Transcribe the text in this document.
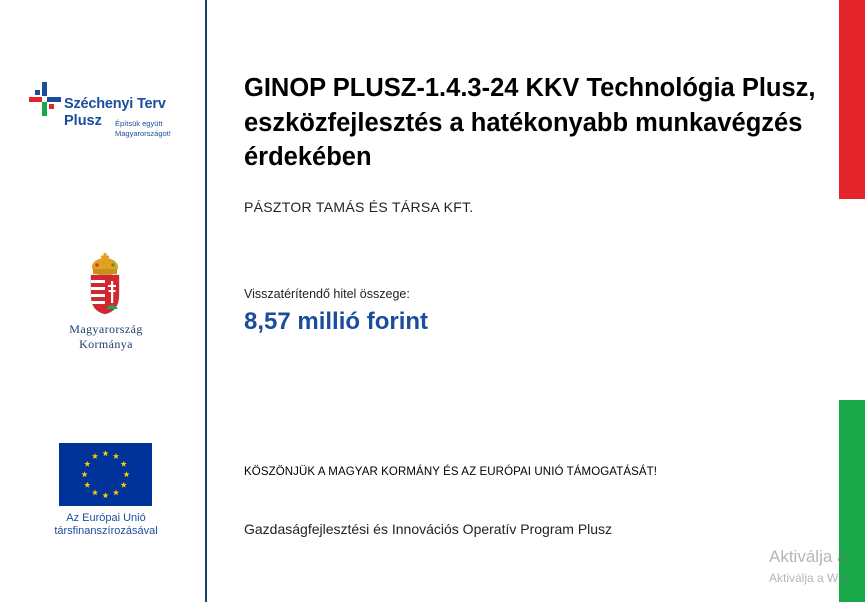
Széchenyi Terv
Plusz Építsük együtt
Magyarországot!
Magyarország
Kormánya
Az Európai Unió
társfinanszírozásával
GINOP PLUSZ-1.4.3-24 KKV Technológia Plusz, eszközfejlesztés a hatékonyabb munkavégzés érdekében
PÁSZTOR TAMÁS ÉS TÁRSA KFT.
Visszatérítendő hitel összege:
8,57 millió forint
KÖSZÖNJÜK A MAGYAR KORMÁNY ÉS AZ EURÓPAI UNIÓ TÁMOGATÁSÁT!
Gazdaságfejlesztési és Innovációs Operatív Program Plusz
Aktiválja a
Aktiválja a Win
